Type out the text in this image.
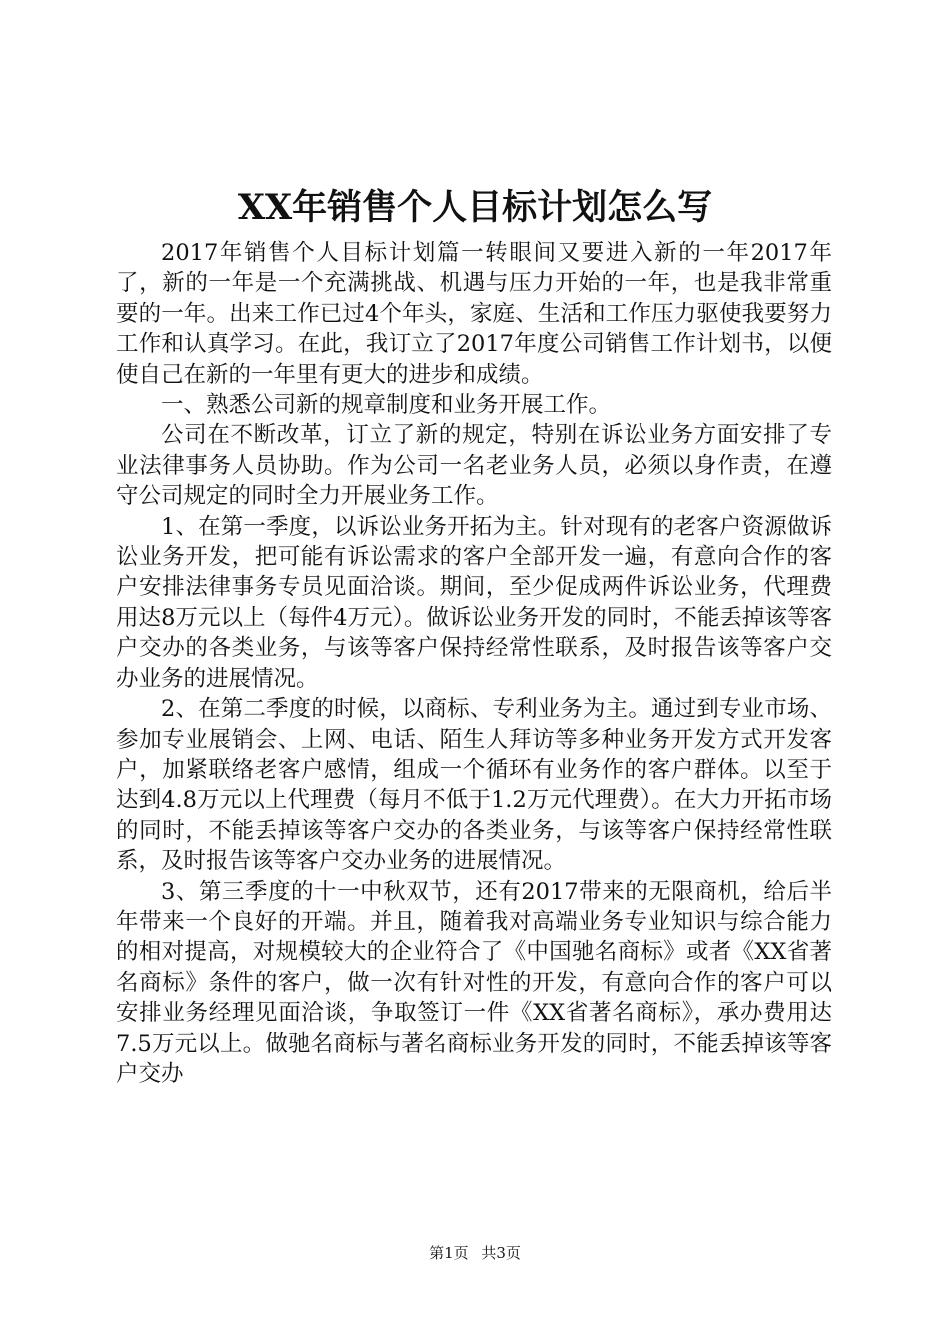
XX年销售个人目标计划怎么写

2017年销售个人目标计划篇一转眼间又要进入新的一年2017年了，新的一年是一个充满挑战、机遇与压力开始的一年，也是我非常重要的一年。出来工作已过4个年头，家庭、生活和工作压力驱使我要努力工作和认真学习。在此，我订立了2017年度公司销售工作计划书，以便使自己在新的一年里有更大的进步和成绩。

一、熟悉公司新的规章制度和业务开展工作。

公司在不断改革，订立了新的规定，特别在诉讼业务方面安排了专业法律事务人员协助。作为公司一名老业务人员，必须以身作责，在遵守公司规定的同时全力开展业务工作。

1、在第一季度，以诉讼业务开拓为主。针对现有的老客户资源做诉讼业务开发，把可能有诉讼需求的客户全部开发一遍，有意向合作的客户安排法律事务专员见面洽谈。期间，至少促成两件诉讼业务，代理费用达8万元以上（每件4万元）。做诉讼业务开发的同时，不能丢掉该等客户交办的各类业务，与该等客户保持经常性联系，及时报告该等客户交办业务的进展情况。

2、在第二季度的时候，以商标、专利业务为主。通过到专业市场、参加专业展销会、上网、电话、陌生人拜访等多种业务开发方式开发客户，加紧联络老客户感情，组成一个循环有业务作的客户群体。以至于达到4.8万元以上代理费（每月不低于1.2万元代理费）。在大力开拓市场的同时，不能丢掉该等客户交办的各类业务，与该等客户保持经常性联系，及时报告该等客户交办业务的进展情况。

3、第三季度的十一中秋双节，还有2017带来的无限商机，给后半年带来一个良好的开端。并且，随着我对高端业务专业知识与综合能力的相对提高，对规模较大的企业符合了《中国驰名商标》或者《XX省著名商标》条件的客户，做一次有针对性的开发，有意向合作的客户可以安排业务经理见面洽谈，争取签订一件《XX省著名商标》，承办费用达7.5万元以上。做驰名商标与著名商标业务开发的同时，不能丢掉该等客户交办

第1页 共3页
